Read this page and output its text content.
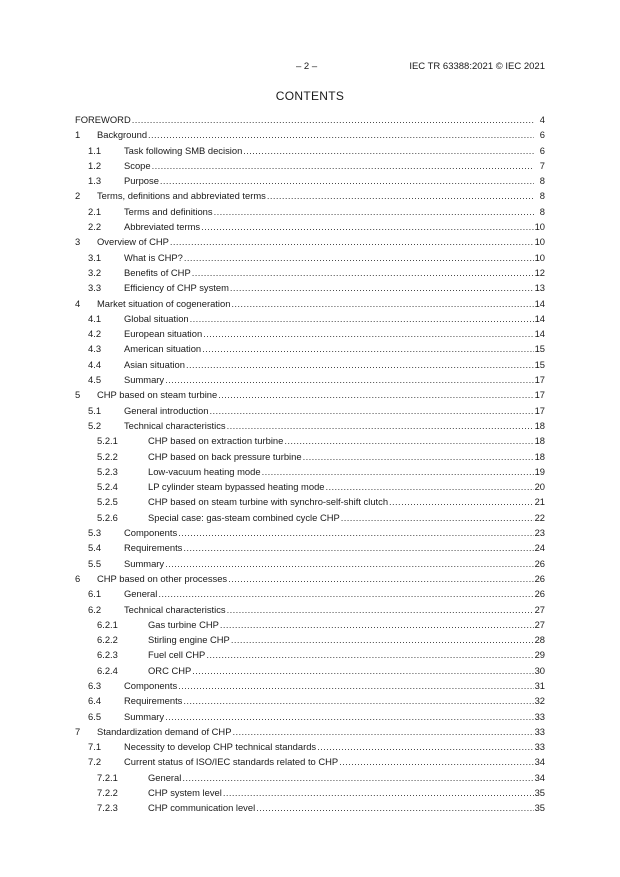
– 2 –	IEC TR 63388:2021 © IEC 2021
CONTENTS
FOREWORD .....	4
1	Background .....	6
1.1	Task following SMB decision .....	6
1.2	Scope .....	7
1.3	Purpose .....	8
2	Terms, definitions and abbreviated terms .....	8
2.1	Terms and definitions .....	8
2.2	Abbreviated terms .....	10
3	Overview of CHP .....	10
3.1	What is CHP? .....	10
3.2	Benefits of CHP .....	12
3.3	Efficiency of CHP system .....	13
4	Market situation of cogeneration .....	14
4.1	Global situation .....	14
4.2	European situation .....	14
4.3	American situation .....	15
4.4	Asian situation .....	15
4.5	Summary .....	17
5	CHP based on steam turbine .....	17
5.1	General introduction .....	17
5.2	Technical characteristics .....	18
5.2.1	CHP based on extraction turbine .....	18
5.2.2	CHP based on back pressure turbine .....	18
5.2.3	Low-vacuum heating mode .....	19
5.2.4	LP cylinder steam bypassed heating mode .....	20
5.2.5	CHP based on steam turbine with synchro-self-shift clutch .....	21
5.2.6	Special case: gas-steam combined cycle CHP .....	22
5.3	Components .....	23
5.4	Requirements .....	24
5.5	Summary .....	26
6	CHP based on other processes .....	26
6.1	General .....	26
6.2	Technical characteristics .....	27
6.2.1	Gas turbine CHP .....	27
6.2.2	Stirling engine CHP .....	28
6.2.3	Fuel cell CHP .....	29
6.2.4	ORC CHP .....	30
6.3	Components .....	31
6.4	Requirements .....	32
6.5	Summary .....	33
7	Standardization demand of CHP .....	33
7.1	Necessity to develop CHP technical standards .....	33
7.2	Current status of ISO/IEC standards related to CHP .....	34
7.2.1	General .....	34
7.2.2	CHP system level .....	35
7.2.3	CHP communication level .....	35
